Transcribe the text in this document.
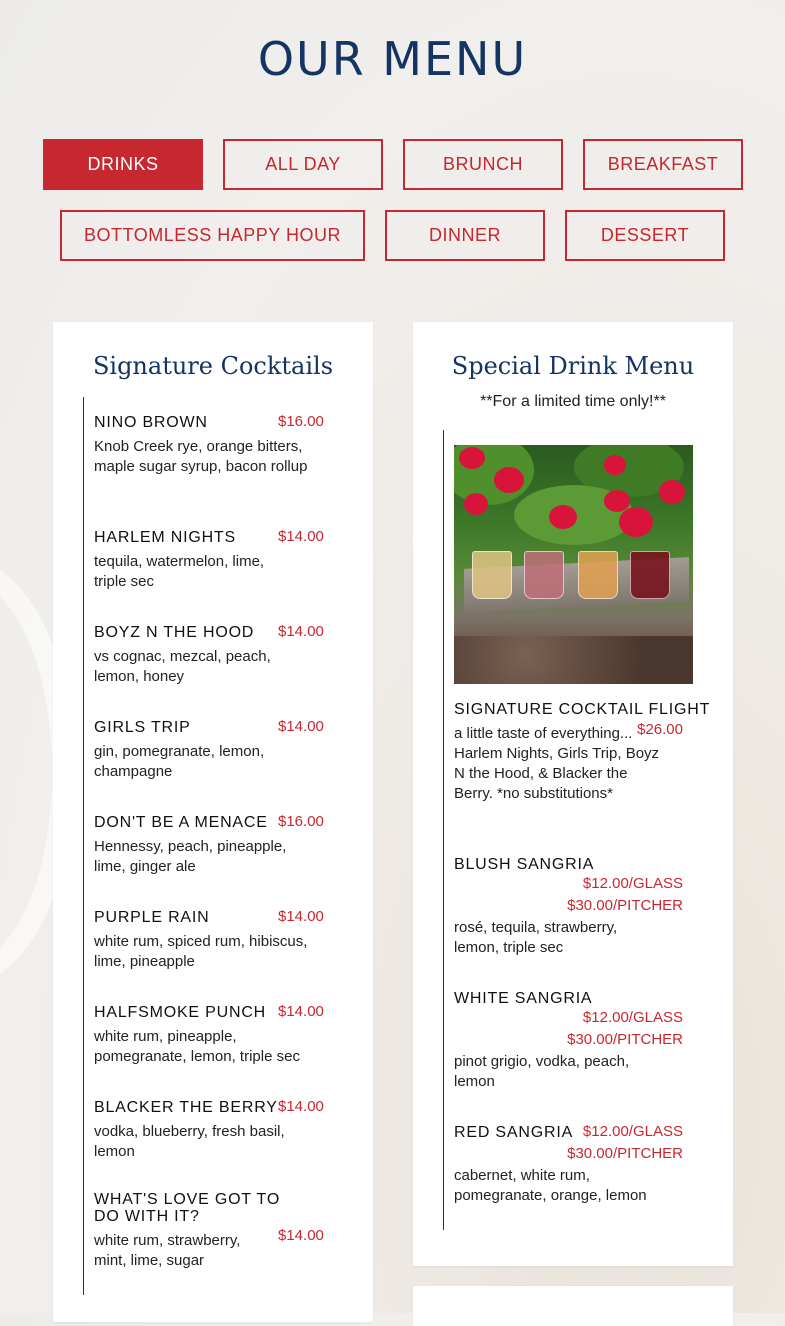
OUR MENU
DRINKS	ALL DAY	BRUNCH	BREAKFAST
BOTTOMLESS HAPPY HOUR	DINNER	DESSERT
Signature Cocktails
NINO BROWN	$16.00
Knob Creek rye, orange bitters, maple sugar syrup, bacon rollup
HARLEM NIGHTS	$14.00
tequila, watermelon, lime, triple sec
BOYZ N THE HOOD $14.00
vs cognac, mezcal, peach, lemon, honey
GIRLS TRIP	$14.00
gin, pomegranate, lemon, champagne
DON'T BE A MENACE $16.00
Hennessy, peach, pineapple, lime, ginger ale
PURPLE RAIN	$14.00
white rum, spiced rum, hibiscus, lime, pineapple
HALFSMOKE PUNCH $14.00
white rum, pineapple, pomegranate, lemon, triple sec
BLACKER THE BERRY $14.00
vodka, blueberry, fresh basil, lemon
WHAT'S LOVE GOT TO DO WITH IT?
$14.00
white rum, strawberry, mint, lime, sugar
Special Drink Menu
**For a limited time only!**
SIGNATURE COCKTAIL FLIGHT
$26.00
a little taste of everything... Harlem Nights, Girls Trip, Boyz N the Hood, & Blacker the Berry. *no substitutions*
BLUSH SANGRIA
$12.00/GLASS
$30.00/PITCHER
rosé, tequila, strawberry, lemon, triple sec
WHITE SANGRIA
$12.00/GLASS
$30.00/PITCHER
pinot grigio, vodka, peach, lemon
RED SANGRIA $12.00/GLASS
$30.00/PITCHER
cabernet, white rum, pomegranate, orange, lemon
